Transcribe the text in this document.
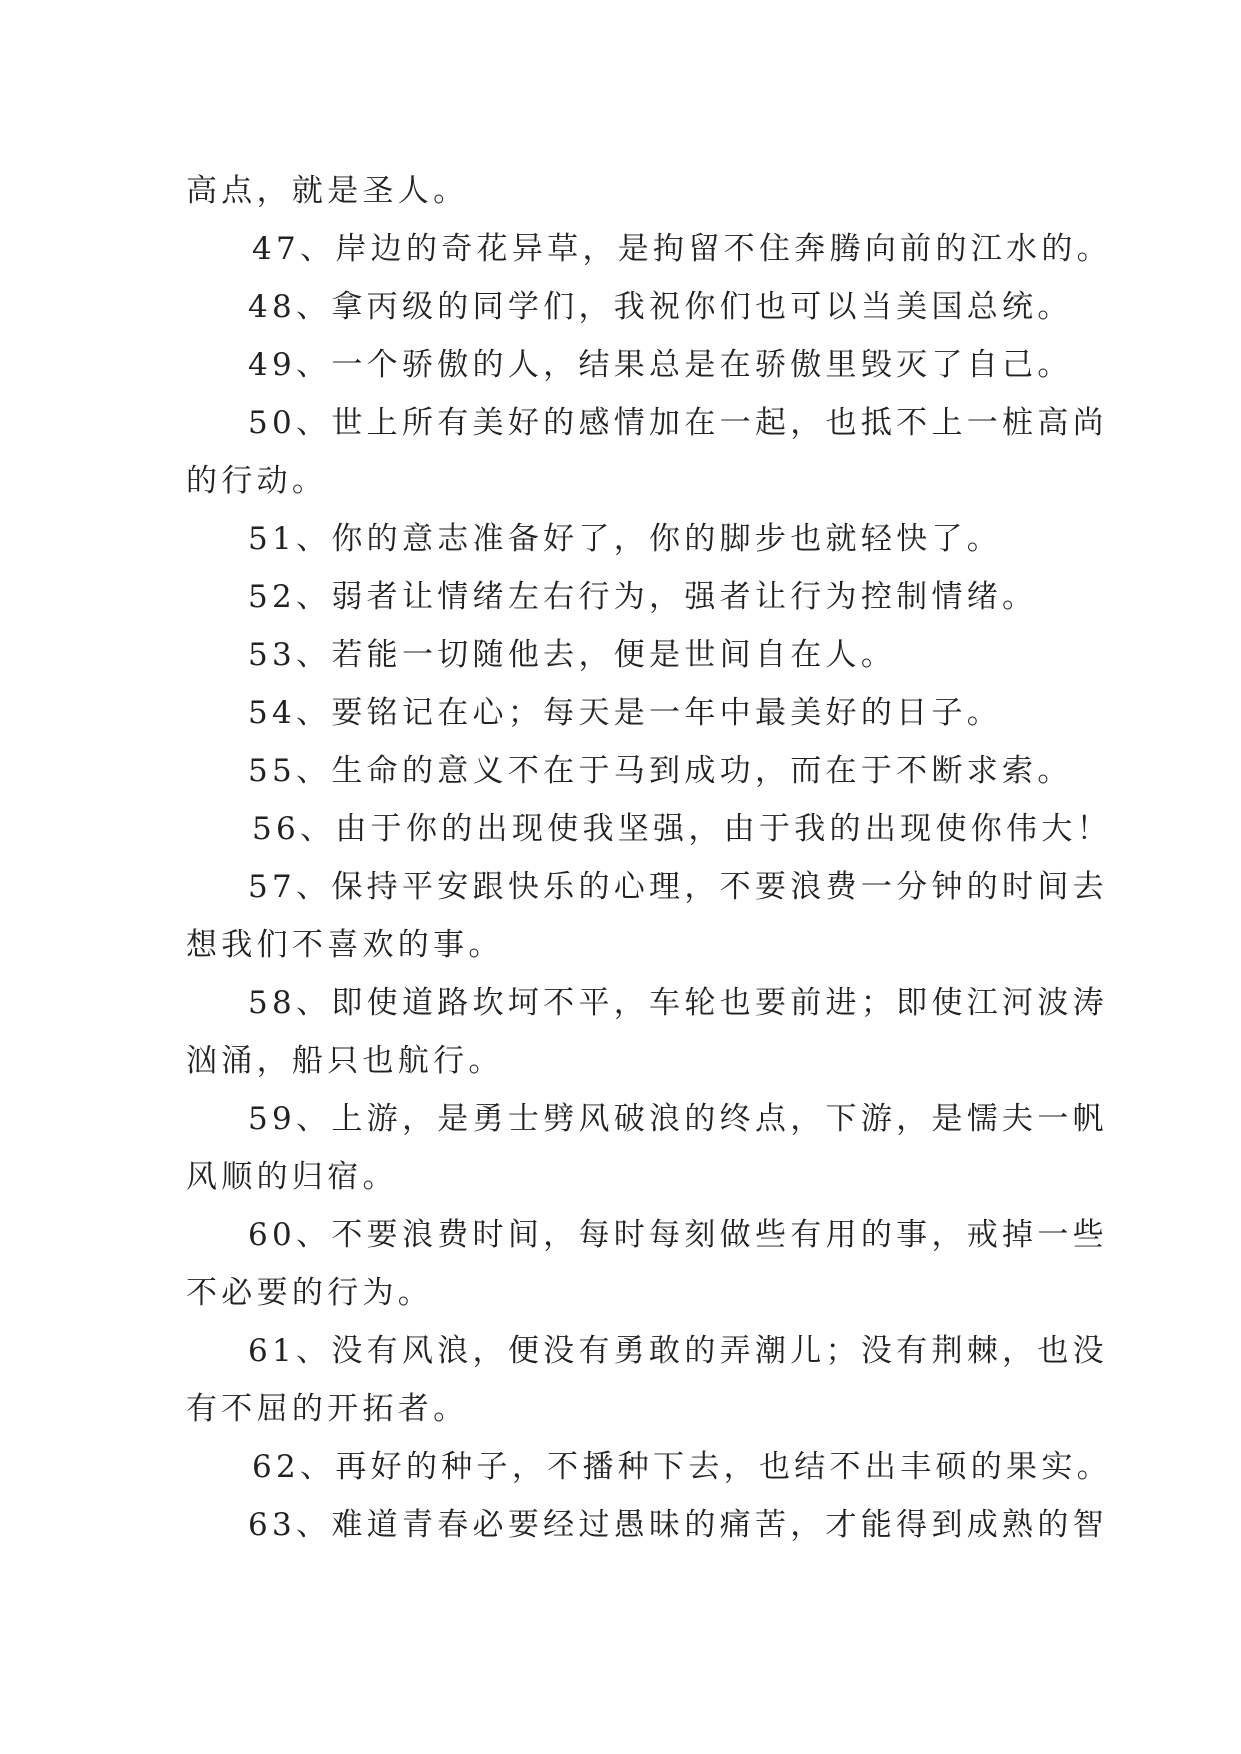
高点，就是圣人。
47、岸边的奇花异草，是拘留不住奔腾向前的江水的。
48、拿丙级的同学们，我祝你们也可以当美国总统。
49、一个骄傲的人，结果总是在骄傲里毁灭了自己。
50、世上所有美好的感情加在一起，也抵不上一桩高尚
的行动。
51、你的意志准备好了，你的脚步也就轻快了。
52、弱者让情绪左右行为，强者让行为控制情绪。
53、若能一切随他去，便是世间自在人。
54、要铭记在心；每天是一年中最美好的日子。
55、生命的意义不在于马到成功，而在于不断求索。
56、由于你的出现使我坚强，由于我的出现使你伟大！
57、保持平安跟快乐的心理，不要浪费一分钟的时间去
想我们不喜欢的事。
58、即使道路坎坷不平，车轮也要前进；即使江河波涛
汹涌，船只也航行。
59、上游，是勇士劈风破浪的终点，下游，是懦夫一帆
风顺的归宿。
60、不要浪费时间，每时每刻做些有用的事，戒掉一些
不必要的行为。
61、没有风浪，便没有勇敢的弄潮儿；没有荆棘，也没
有不屈的开拓者。
62、再好的种子，不播种下去，也结不出丰硕的果实。
63、难道青春必要经过愚昧的痛苦，才能得到成熟的智
